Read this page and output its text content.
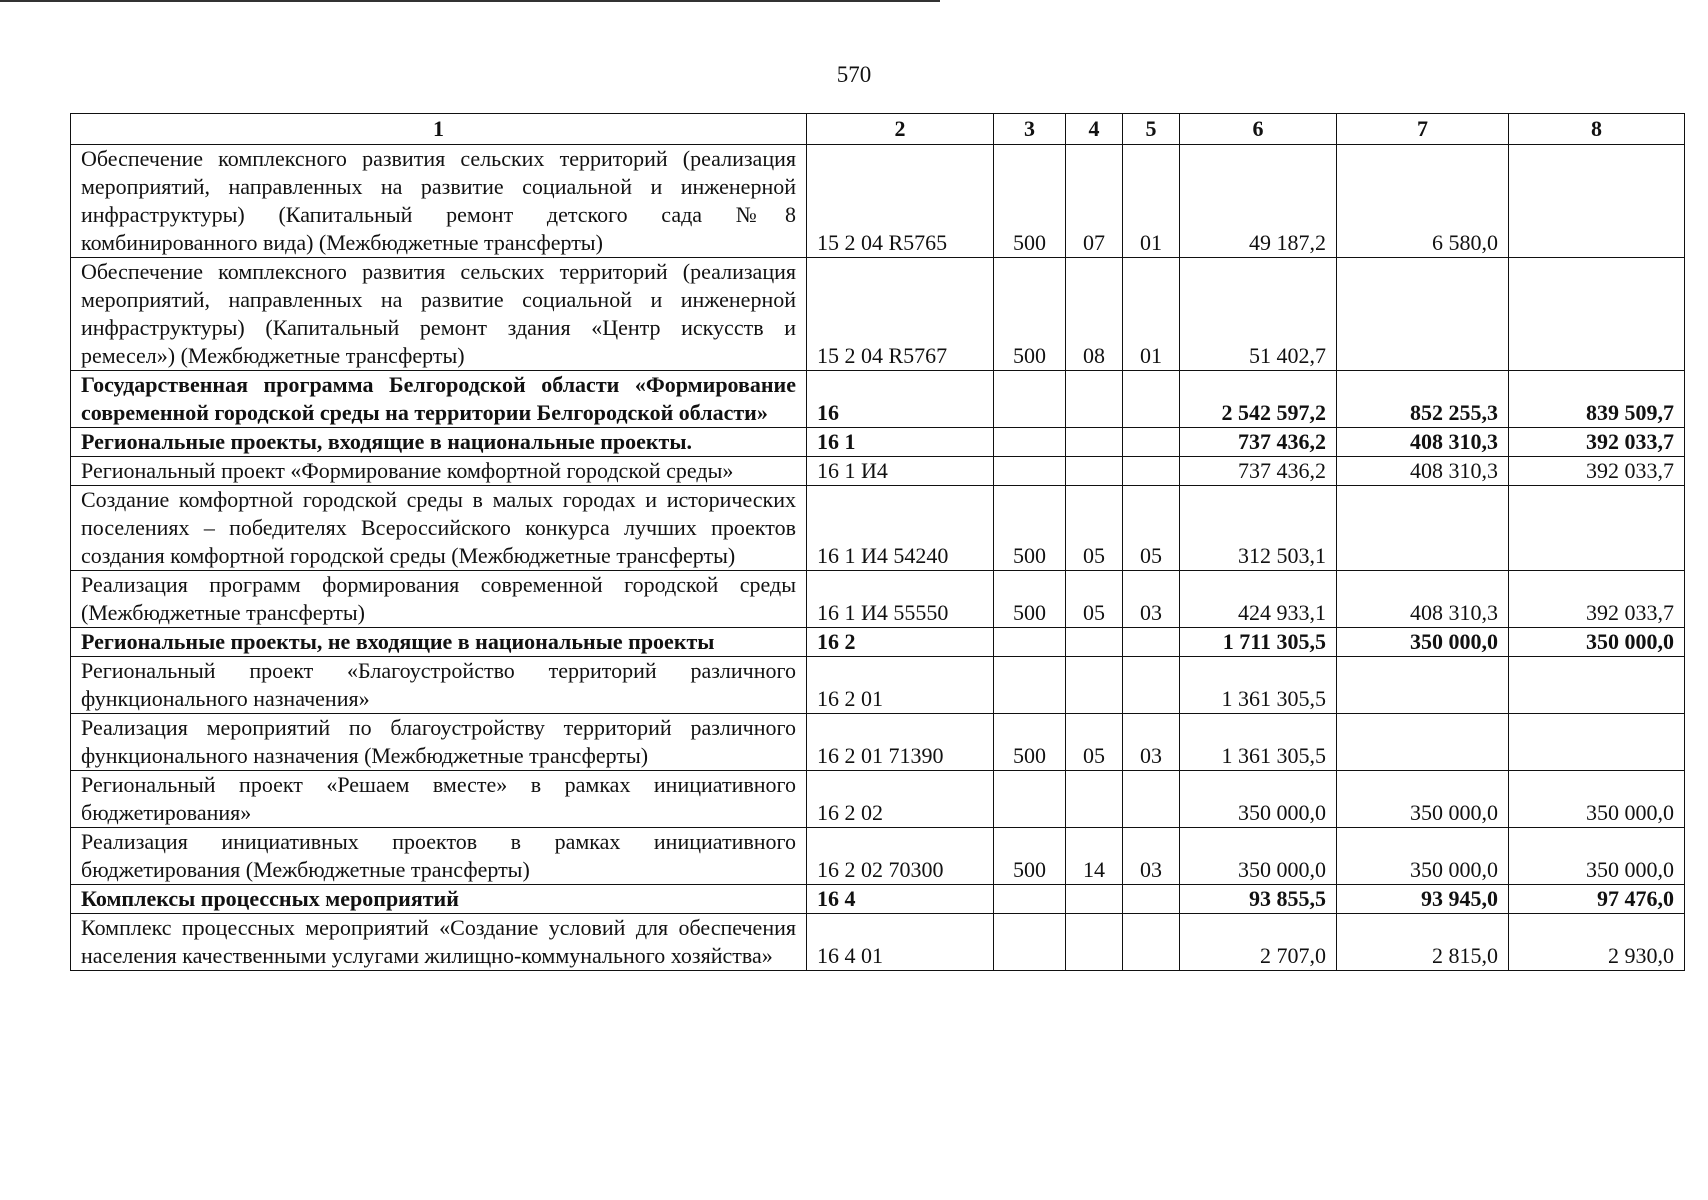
570
1	2	3	4	5	6	7	8
Обеспечение комплексного развития сельских территорий (реализация мероприятий, направленных на развитие социальной и инженерной инфраструктуры) (Капитальный ремонт детского сада №8 комбинированного вида) (Межбюджетные трансферты)	15 2 04 R5765	500	07	01	49 187,2	6 580,0	
Обеспечение комплексного развития сельских территорий (реализация мероприятий, направленных на развитие социальной и инженерной инфраструктуры) (Капитальный ремонт здания «Центр искусств и ремесел») (Межбюджетные трансферты)	15 2 04 R5767	500	08	01	51 402,7		
Государственная программа Белгородской области «Формирование современной городской среды на территории Белгородской области»	16				2 542 597,2	852 255,3	839 509,7
Региональные проекты, входящие в национальные проекты.	16 1				737 436,2	408 310,3	392 033,7
Региональный проект «Формирование комфортной городской среды»	16 1 И4				737 436,2	408 310,3	392 033,7
Создание комфортной городской среды в малых городах и исторических поселениях – победителях Всероссийского конкурса лучших проектов создания комфортной городской среды (Межбюджетные трансферты)	16 1 И4 54240	500	05	05	312 503,1		
Реализация программ формирования современной городской среды (Межбюджетные трансферты)	16 1 И4 55550	500	05	03	424 933,1	408 310,3	392 033,7
Региональные проекты, не входящие в национальные проекты	16 2				1 711 305,5	350 000,0	350 000,0
Региональный проект «Благоустройство территорий различного функционального назначения»	16 2 01				1 361 305,5		
Реализация мероприятий по благоустройству территорий различного функционального назначения (Межбюджетные трансферты)	16 2 01 71390	500	05	03	1 361 305,5		
Региональный проект «Решаем вместе» в рамках инициативного бюджетирования»	16 2 02				350 000,0	350 000,0	350 000,0
Реализация инициативных проектов в рамках инициативного бюджетирования (Межбюджетные трансферты)	16 2 02 70300	500	14	03	350 000,0	350 000,0	350 000,0
Комплексы процессных мероприятий	16 4				93 855,5	93 945,0	97 476,0
Комплекс процессных мероприятий «Создание условий для обеспечения населения качественными услугами жилищно-коммунального хозяйства»	16 4 01				2 707,0	2 815,0	2 930,0
